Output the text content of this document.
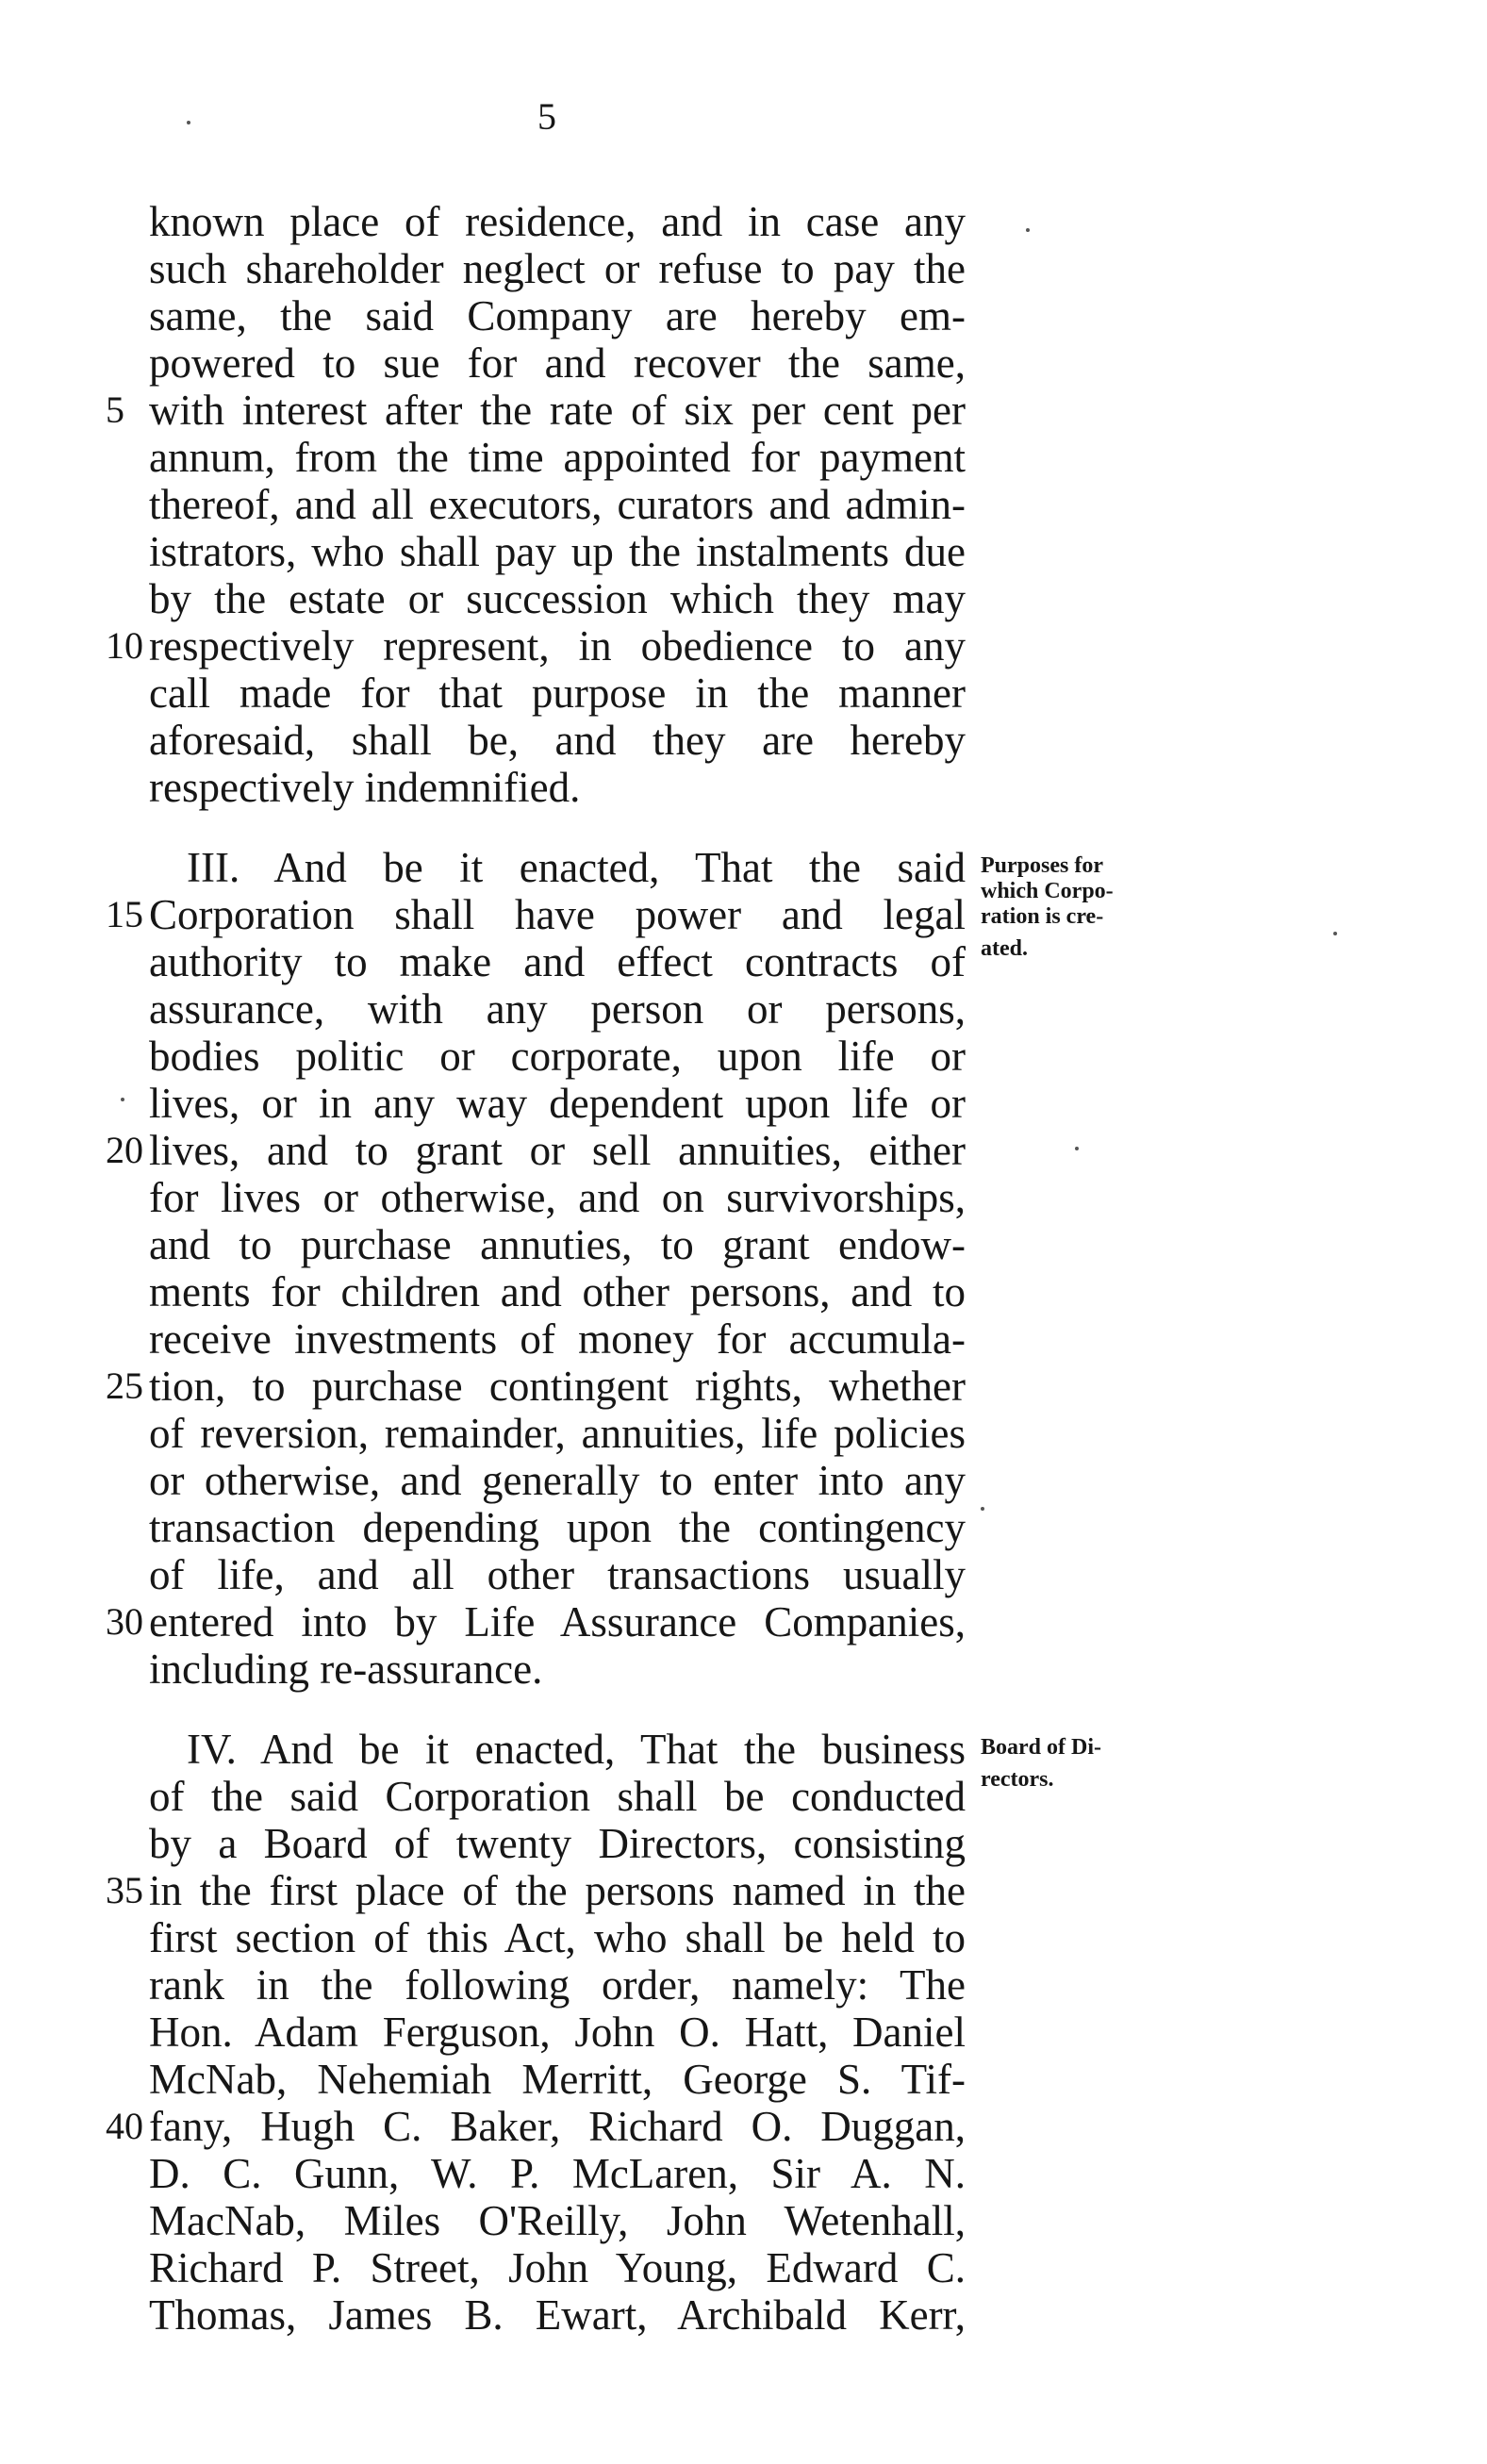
5
known place of residence, and in case any
such shareholder neglect or refuse to pay the
same, the said Company are hereby em-
powered to sue for and recover the same,
with interest after the rate of six per cent per
annum, from the time appointed for payment
thereof, and all executors, curators and admin-
istrators, who shall pay up the instalments due
by the estate or succession which they may
respectively represent, in obedience to any
call made for that purpose in the manner
aforesaid, shall be, and they are hereby
respectively indemnified.
III. And be it enacted, That the said
Corporation shall have power and legal
authority to make and effect contracts of
assurance, with any person or persons,
bodies politic or corporate, upon life or
lives, or in any way dependent upon life or
lives, and to grant or sell annuities, either
for lives or otherwise, and on survivorships,
and to purchase annuties, to grant endow-
ments for children and other persons, and to
receive investments of money for accumula-
tion, to purchase contingent rights, whether
of reversion, remainder, annuities, life policies
or otherwise, and generally to enter into any
transaction depending upon the contingency
of life, and all other transactions usually
entered into by Life Assurance Companies,
including re-assurance.
IV. And be it enacted, That the business
of the said Corporation shall be conducted
by a Board of twenty Directors, consisting
in the first place of the persons named in the
first section of this Act, who shall be held to
rank in the following order, namely: The
Hon. Adam Ferguson, John O. Hatt, Daniel
McNab, Nehemiah Merritt, George S. Tif-
fany, Hugh C. Baker, Richard O. Duggan,
D. C. Gunn, W. P. McLaren, Sir A. N.
MacNab, Miles O'Reilly, John Wetenhall,
Richard P. Street, John Young, Edward C.
Thomas, James B. Ewart, Archibald Kerr,
5
10
15
20
25
30
35
40
Purposes for
which Corpo-
ration is cre-
ated.
Board of Di-
rectors.
